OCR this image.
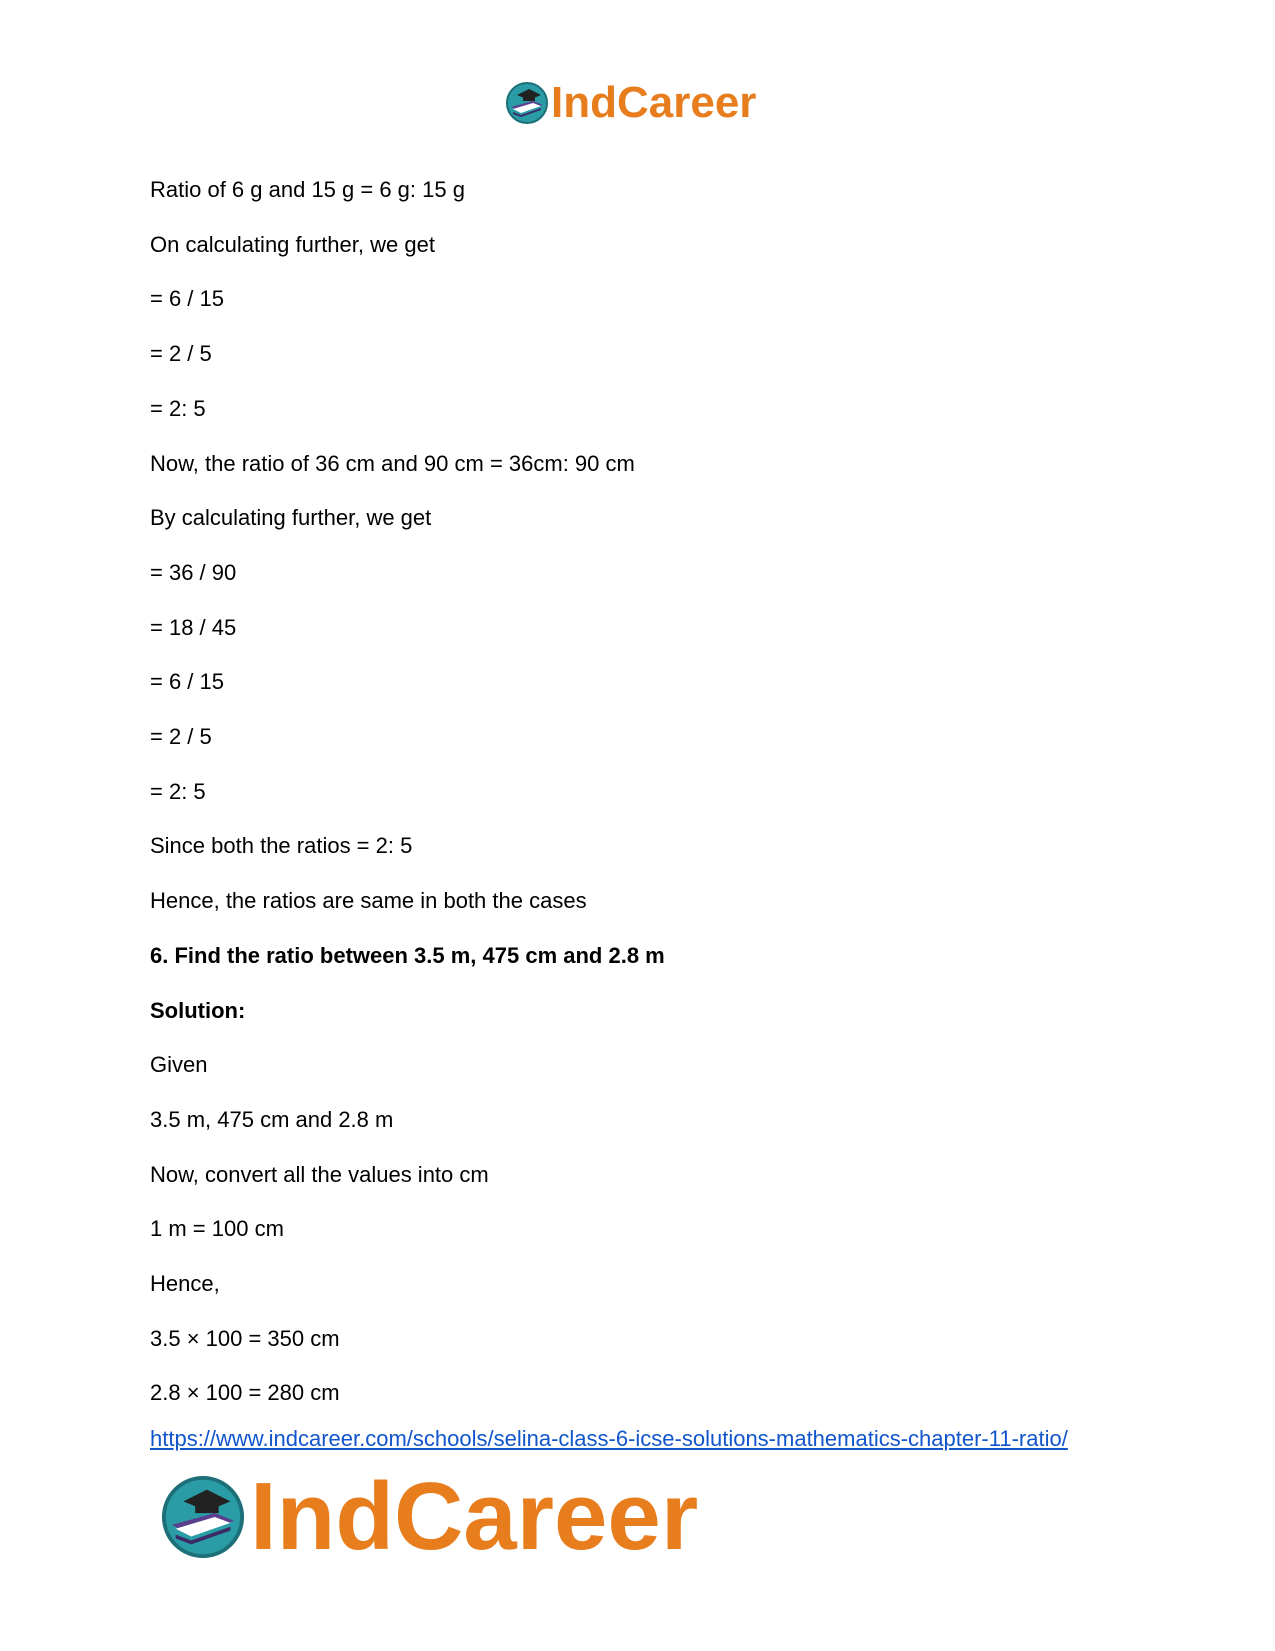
IndCareer
Ratio of 6 g and 15 g = 6 g: 15 g
On calculating further, we get
= 6 / 15
= 2 / 5
= 2: 5
Now, the ratio of 36 cm and 90 cm = 36cm: 90 cm
By calculating further, we get
= 36 / 90
= 18 / 45
= 6 / 15
= 2 / 5
= 2: 5
Since both the ratios = 2: 5
Hence, the ratios are same in both the cases
6. Find the ratio between 3.5 m, 475 cm and 2.8 m
Solution:
Given
3.5 m, 475 cm and 2.8 m
Now, convert all the values into cm
1 m = 100 cm
Hence,
3.5 × 100 = 350 cm
2.8 × 100 = 280 cm
https://www.indcareer.com/schools/selina-class-6-icse-solutions-mathematics-chapter-11-ratio/
IndCareer
